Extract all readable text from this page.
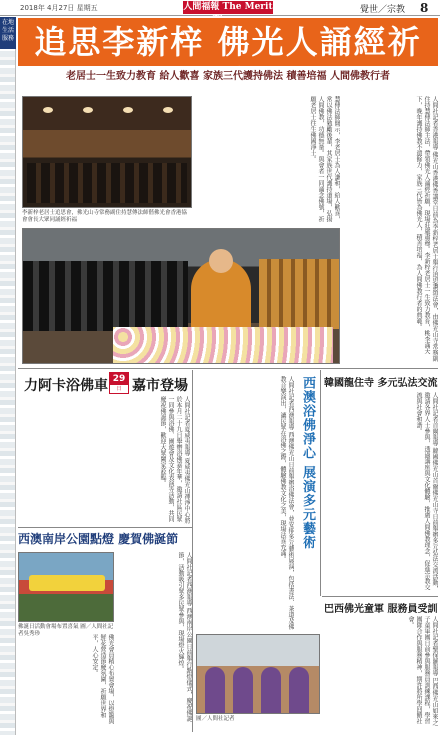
2018年 4月27日 星期五	人間福報 The Merit	覺世／宗教 8
在地 生活 服務 追思李新梓 佛光人誦經祈願
老居士一生致力教育 給人歡喜 家族三代護持佛法 積善培福 人間佛教行者
李新梓老居士追思會，佛光山寺常務副住持慧傳法師偕佛光會香港協會會長大眾同誦經祈福	慧傳法師開示，李老居士為人謙和，給人歡喜，常以佛法勉勵後輩，其家族世代護持道場，弘揚人間佛教，功德無量。與會者一同誦念佛號，祈願老居士往生佛國淨土。	人間社記者香港報導 佛光山香港佛香講堂日前為李新梓老居士舉行追思讚頌法會，由佛光山寺常務副住持慧傳法師主法，帶領佛光人誦經祈願，現場莊嚴肅穆。李新梓老居士一生致力教育，桃李滿天下，晚年護持佛教不遺餘力，家族三代皆為佛光人，積善培福，為人間佛教行者的典範。
力阿卡浴佛車 29
日 嘉市登場
人間社記者夏威夷報導 夏威夷佛光山禪淨中心將於本月二十九日舉辦浴佛嘉年華，邀請社區民眾一同參與浴佛、園遊會及文化表演等活動，共同慶祝佛誕節，歡迎大眾闔家蒞臨。
西澳南岸公園點燈 慶賀佛誕節
佛誕日活動會場布置喜氣 圖／人間社記者吳秀珍	人間社記者西澳報導 西澳南岸公園日前舉行點燈儀式，慶祝佛誕節，活動吸引眾多民眾參與，現場燈火輝煌。
佛光會員精心布置會場，以燈籠與鮮花營造節慶氛圍，祈願世界和平，人心安定。
人間社記者西澳報導 西澳佛光山日前舉辦浴佛法會，並安排多元藝術展演，包括書法、茶道及佛教音樂演出，讓民眾在浴佛之際，體驗佛教文化之美，現場法喜充滿。	西澳浴佛淨心 展演多元藝術
圖／人間社記者
韓國龍住寺 多元弘法交流
人間社記者首爾報導 韓國佛光山首爾佛光山寺日前舉辦多元弘法交流活動，邀請各界人士參與，透過講座與文化體驗，推廣人間佛教理念，促進宗教交流與社會和諧。
巴西佛光童軍 服務員受訓
人間社記者聖保羅報導 巴西佛光山如來之子童軍團日前參與服務員訓練課程，學習團隊合作與服務精神，期許將所學回饋社會。
